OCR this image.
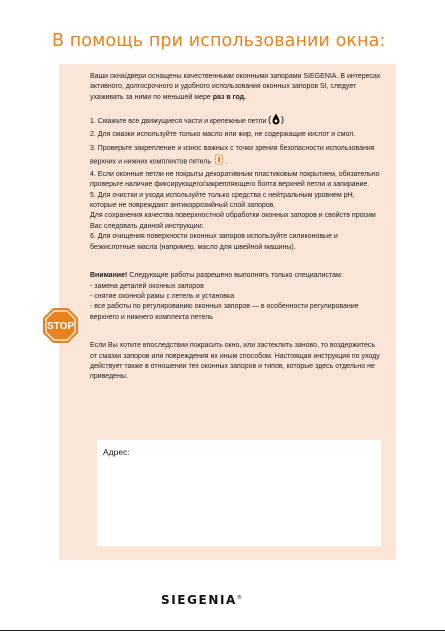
В помощь при использовании окна:

Ваши окна/двери оснащены качественными оконными запорами SIEGENIA. В интересах активного, долгосрочного и удобного использования оконных запоров SI, следует ухаживать за ними по меньшей мере раз в год.

1. Смажьте все движущиеся части и крепежные петли

2. Для смазки используйте только масло или жир, не содержащие кислот и смол.

3. Проверьте закрепление и износ важных с точки зрения безопасности использования верхних и нижних комплектов петель .

4. Если оконные петли не покрыты декоративным пластиковым покрытием, обязательно проверьте наличие фиксирующего/закрепляющего болта верхней петли и запирание.

5. Для очистки и ухода используйте только средства с нейтральным уровнем pH, которые не повреждают антикоррозийный слой запоров.

Для сохранения качества поверхностной обработки оконных запоров и свойств просим Вас следовать данной инструкции:

6. Для очищения поверхности оконных запоров используйте силиконовые и безкислотные масла (например, масло для швейной машины).

Внимание! Следующие работы разрешено выполнять только специалистам:

- замена деталей оконных запоров

- снятие оконной рамы с петель и установка

- все работы по регулированию оконных запоров — в особенности регулирование верхнего и нижнего комплекта петель

Если Вы хотите впоследствии покрасить окно, или застеклить заново, то воздержитесь от смазки запоров или повреждения их иным способом. Настоящая инструкция по уходу действует также в отношении тех оконных запоров и типов, которые здесь отдельно не приведены.

STOP
Адрес:
SIEGENIA®
